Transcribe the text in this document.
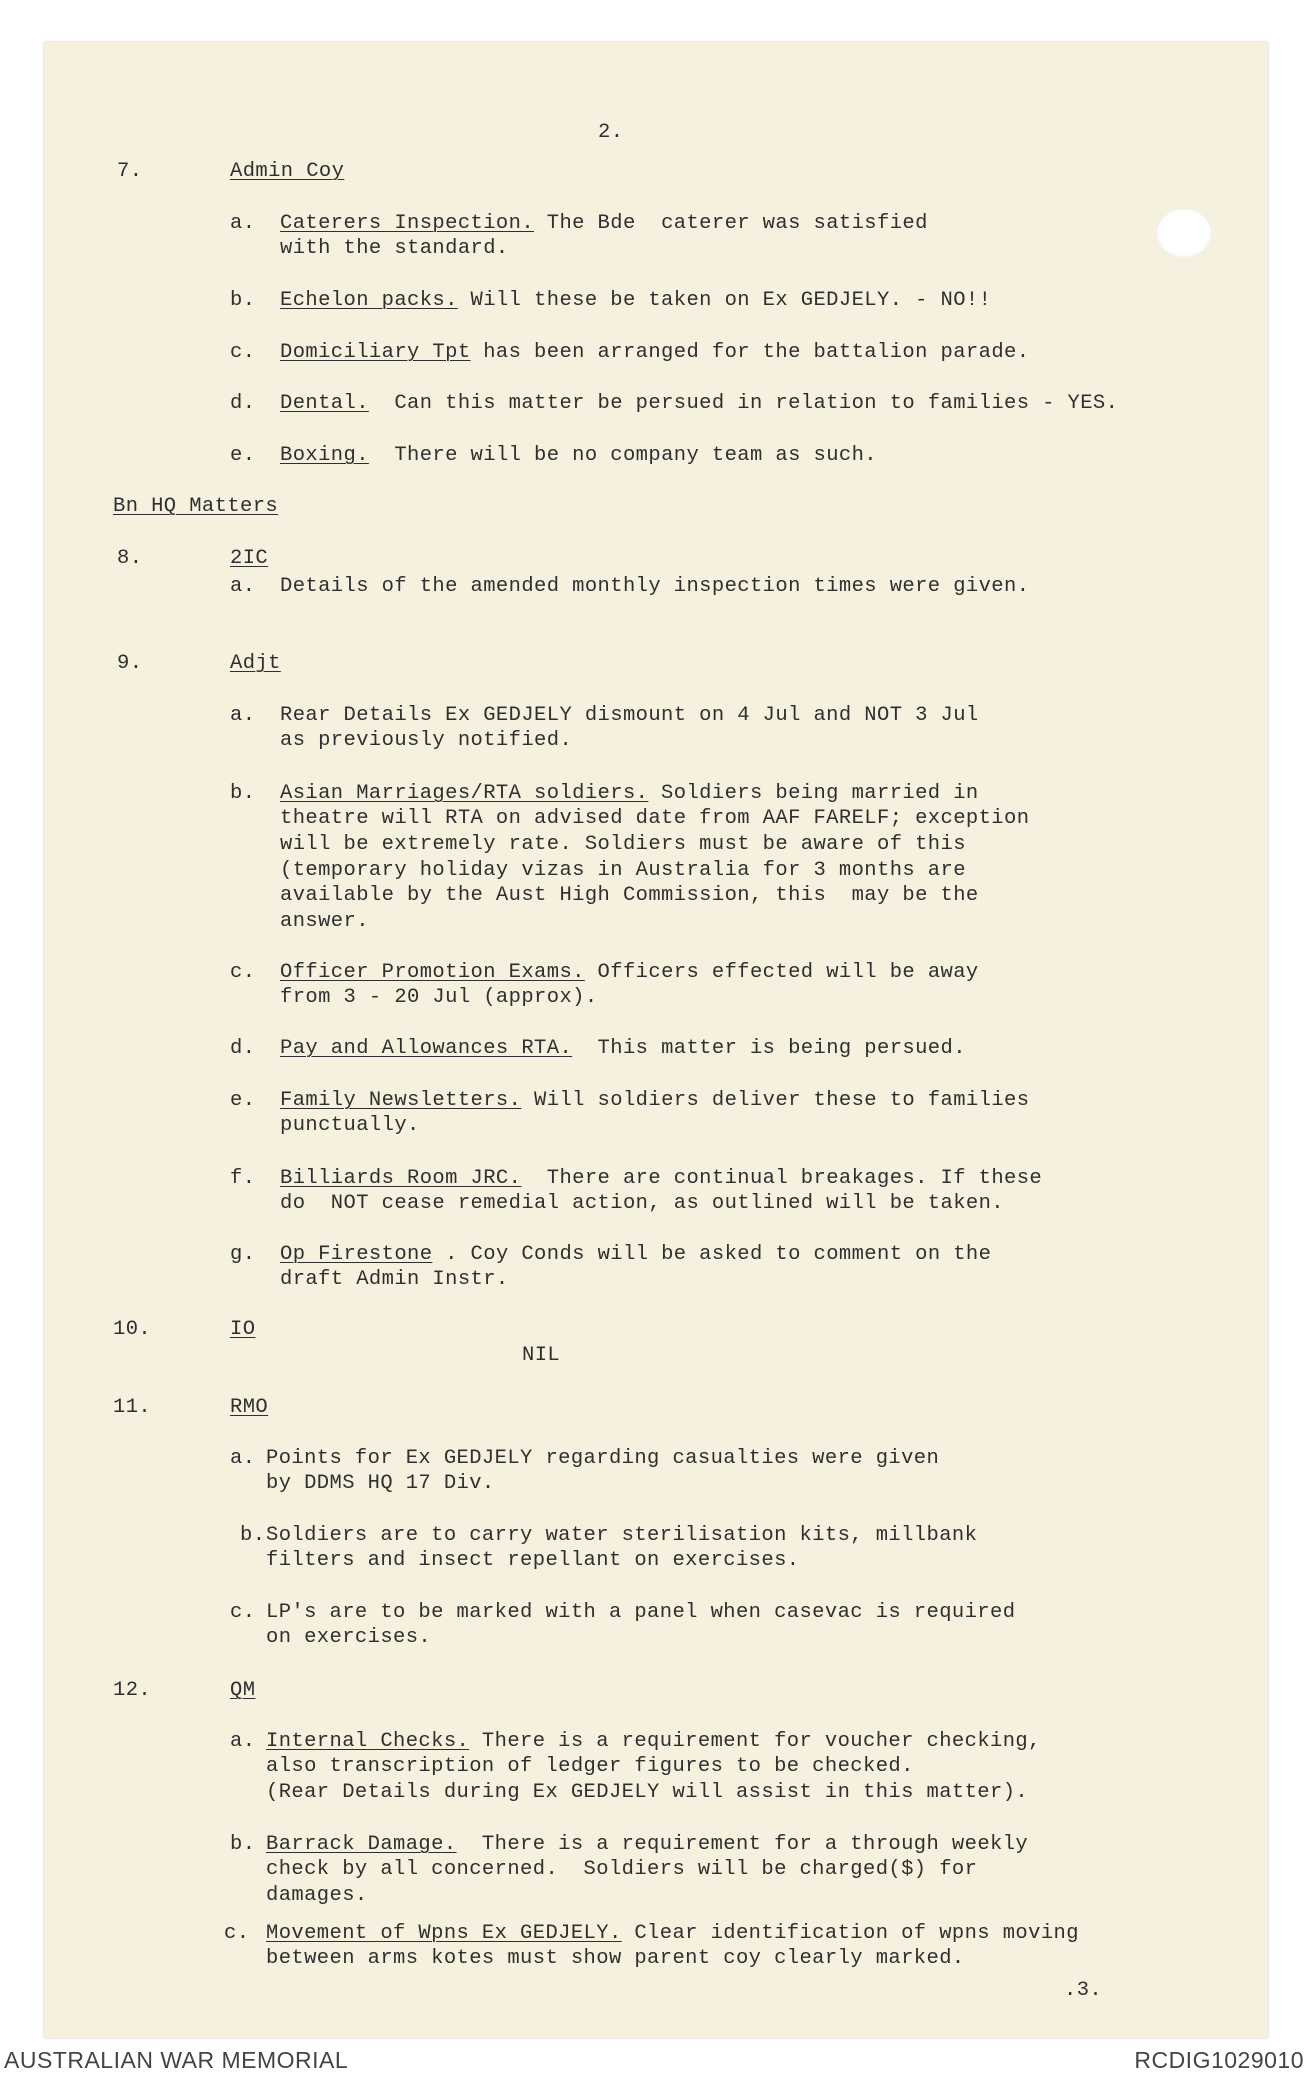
2.
7.	Admin Coy
a. Caterers Inspection. The Bde  caterer was satisfied
with the standard.
b. Echelon packs. Will these be taken on Ex GEDJELY. - NO!!
c. Domiciliary Tpt has been arranged for the battalion parade.
d. Dental.  Can this matter be persued in relation to families - YES.
e. Boxing.  There will be no company team as such.
Bn HQ Matters
8.	2IC
a. Details of the amended monthly inspection times were given.
9.	Adjt
a. Rear Details Ex GEDJELY dismount on 4 Jul and NOT 3 Jul
as previously notified.
b. Asian Marriages/RTA soldiers. Soldiers being married in
theatre will RTA on advised date from AAF FARELF; exception
will be extremely rate. Soldiers must be aware of this
(temporary holiday vizas in Australia for 3 months are
available by the Aust High Commission, this  may be the
answer.
c. Officer Promotion Exams. Officers effected will be away
from 3 - 20 Jul (approx).
d. Pay and Allowances RTA.  This matter is being persued.
e. Family Newsletters. Will soldiers deliver these to families
punctually.
f. Billiards Room JRC.  There are continual breakages. If these
do  NOT cease remedial action, as outlined will be taken.
g. Op Firestone . Coy Conds will be asked to comment on the
draft Admin Instr.
10.	IO
NIL
11.	RMO
a. Points for Ex GEDJELY regarding casualties were given
by DDMS HQ 17 Div.
b. Soldiers are to carry water sterilisation kits, millbank
filters and insect repellant on exercises.
c. LP's are to be marked with a panel when casevac is required
on exercises.
12.	QM
a. Internal Checks. There is a requirement for voucher checking,
also transcription of ledger figures to be checked.
(Rear Details during Ex GEDJELY will assist in this matter).
b. Barrack Damage.  There is a requirement for a through weekly
check by all concerned.  Soldiers will be charged($) for
damages.
c. Movement of Wpns Ex GEDJELY. Clear identification of wpns moving
between arms kotes must show parent coy clearly marked.
.3.
AUSTRALIAN WAR MEMORIAL	RCDIG1029010
